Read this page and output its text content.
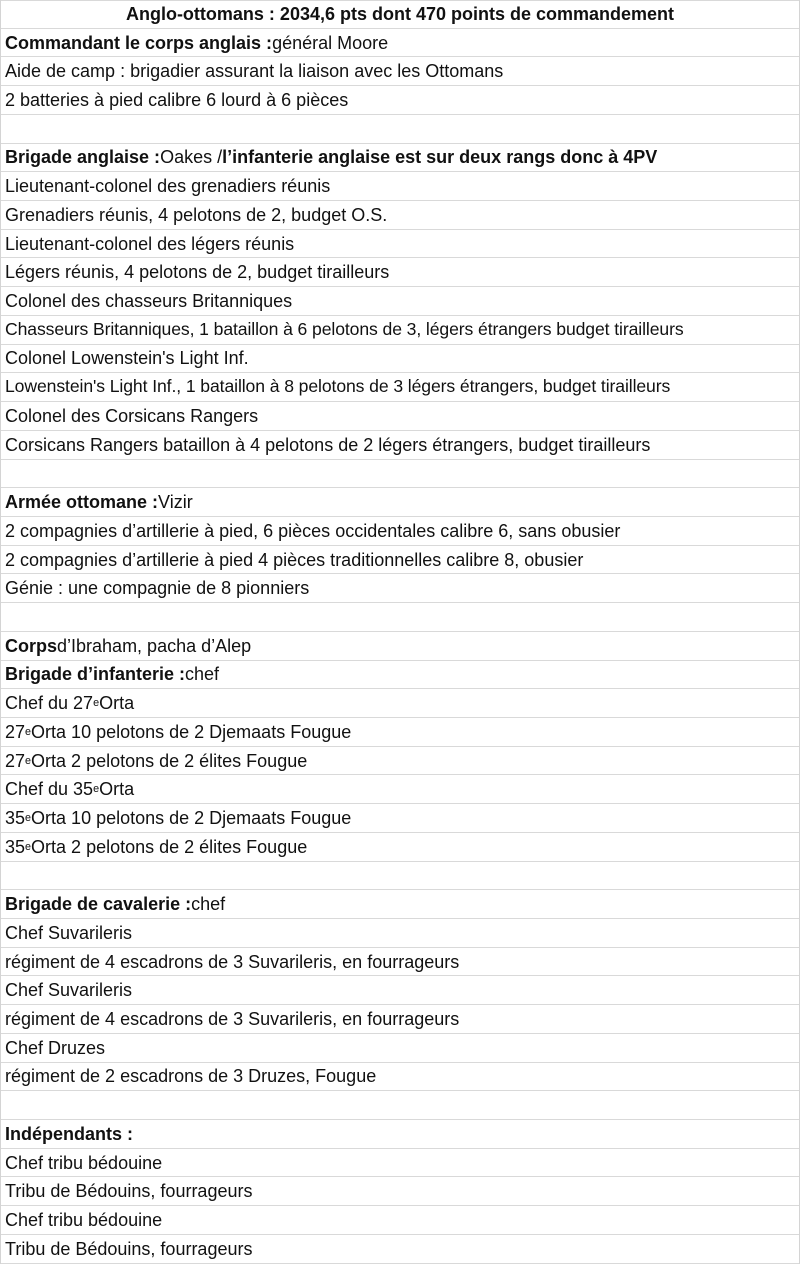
Anglo-ottomans : 2034,6 pts dont 470 points de commandement
Commandant le corps anglais : général Moore
Aide de camp : brigadier assurant la liaison avec les Ottomans
2 batteries à pied calibre 6 lourd à 6 pièces
Brigade anglaise : Oakes / l’infanterie anglaise est sur deux rangs donc à 4PV
Lieutenant-colonel des grenadiers réunis
Grenadiers réunis, 4 pelotons de 2, budget O.S.
Lieutenant-colonel des légers réunis
Légers réunis, 4 pelotons de 2, budget tirailleurs
Colonel des chasseurs Britanniques
Chasseurs Britanniques, 1 bataillon à 6 pelotons de 3, légers étrangers budget tirailleurs
Colonel Lowenstein's Light Inf.
Lowenstein's Light Inf., 1 bataillon à 8 pelotons de 3 légers étrangers, budget tirailleurs
Colonel des Corsicans Rangers
Corsicans Rangers bataillon à 4 pelotons de 2 légers étrangers, budget tirailleurs
Armée ottomane : Vizir
2 compagnies d’artillerie à pied, 6 pièces occidentales calibre 6, sans obusier
2 compagnies d’artillerie à pied 4 pièces traditionnelles calibre 8, obusier
Génie : une compagnie de 8 pionniers
Corps d’Ibraham, pacha d’Alep
Brigade d’infanterie : chef
Chef du 27 e Orta
27 e Orta 10 pelotons de 2 Djemaats Fougue
27 e Orta 2 pelotons de 2 élites Fougue
Chef du 35 e Orta
35 e Orta 10 pelotons de 2 Djemaats Fougue
35 e Orta 2 pelotons de 2 élites Fougue
Brigade de cavalerie : chef
Chef Suvarileris
régiment de 4 escadrons de 3 Suvarileris, en fourrageurs
Chef Suvarileris
régiment de 4 escadrons de 3 Suvarileris, en fourrageurs
Chef Druzes
régiment de 2 escadrons de 3 Druzes, Fougue
Indépendants :
Chef tribu bédouine
Tribu de Bédouins, fourrageurs
Chef tribu bédouine
Tribu de Bédouins, fourrageurs
